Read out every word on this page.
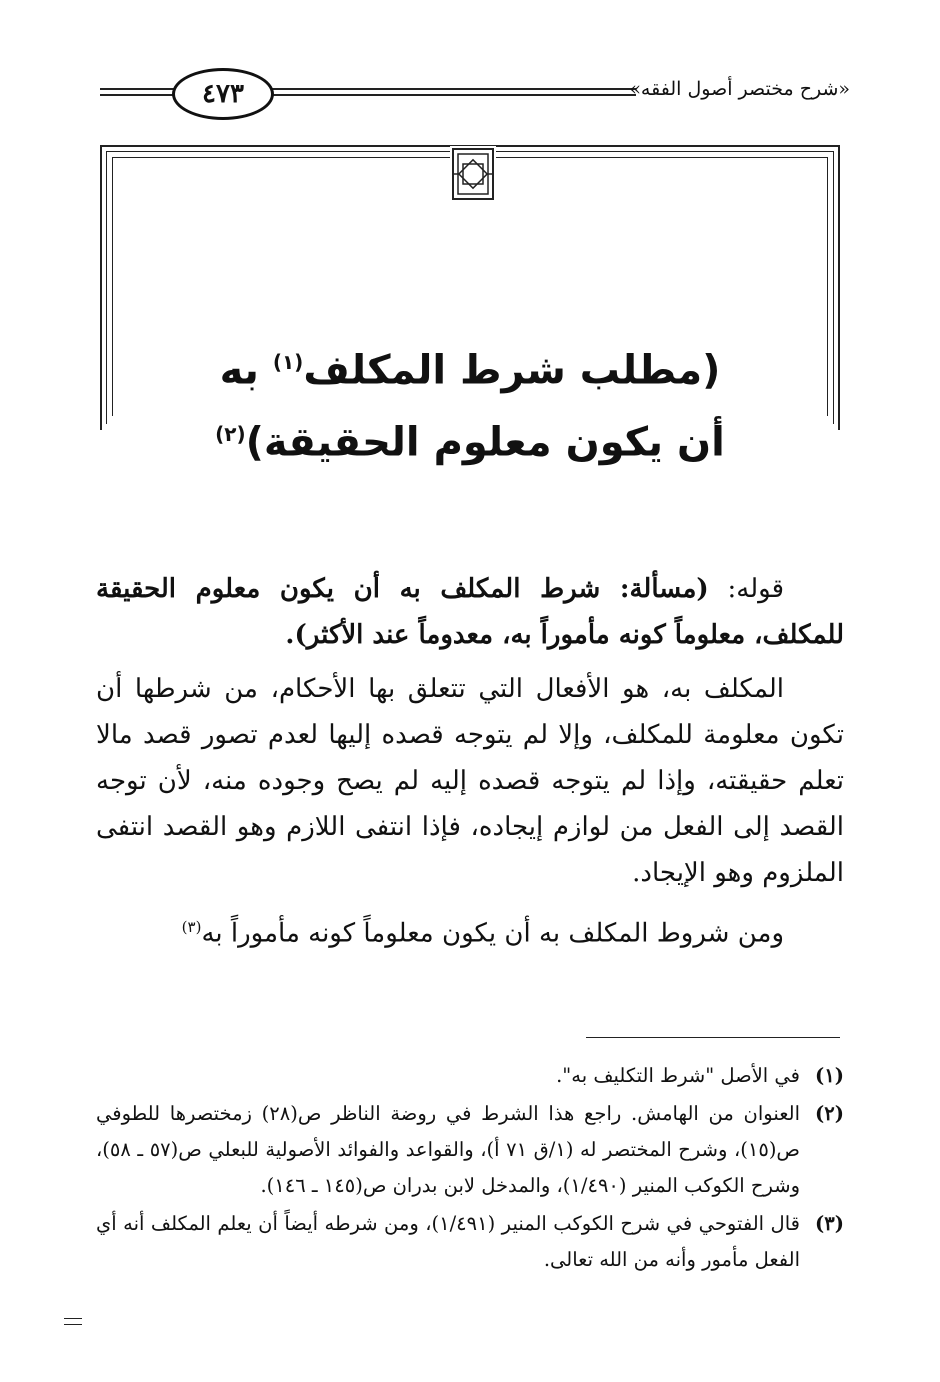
٤٧٣	«شرح مختصر أصول الفقه»
(مطلب شرط المكلف$^{(١)}$ به
أن يكون معلوم الحقيقة)$^{(٢)}$

قوله: (مسألة: شرط المكلف به أن يكون معلوم الحقيقة للمكلف، معلوماً كونه مأموراً به، معدوماً عند الأكثر).

المكلف به، هو الأفعال التي تتعلق بها الأحكام، من شرطها أن تكون معلومة للمكلف، وإلا لم يتوجه قصده إليها لعدم تصور قصد مالا تعلم حقيقته، وإذا لم يتوجه قصده إليه لم يصح وجوده منه، لأن توجه القصد إلى الفعل من لوازم إيجاده، فإذا انتفى اللازم وهو القصد انتفى الملزوم وهو الإيجاد.

ومن شروط المكلف به أن يكون معلوماً كونه مأموراً به$^{(٣)}$

(١)
في الأصل "شرط التكليف به".
(٢)
العنوان من الهامش. راجع هذا الشرط في روضة الناظر ص(٢٨) زمختصرها للطوفي ص(١٥)، وشرح المختصر له (١/ق ٧١ أ)، والقواعد والفوائد الأصولية للبعلي ص(٥٧ ـ ٥٨)، وشرح الكوكب المنير (١/٤٩٠)، والمدخل لابن بدران ص(١٤٥ ـ ١٤٦).
(٣)
قال الفتوحي في شرح الكوكب المنير (١/٤٩١)، ومن شرطه أيضاً أن يعلم المكلف أنه أي الفعل مأمور وأنه من الله تعالى.
